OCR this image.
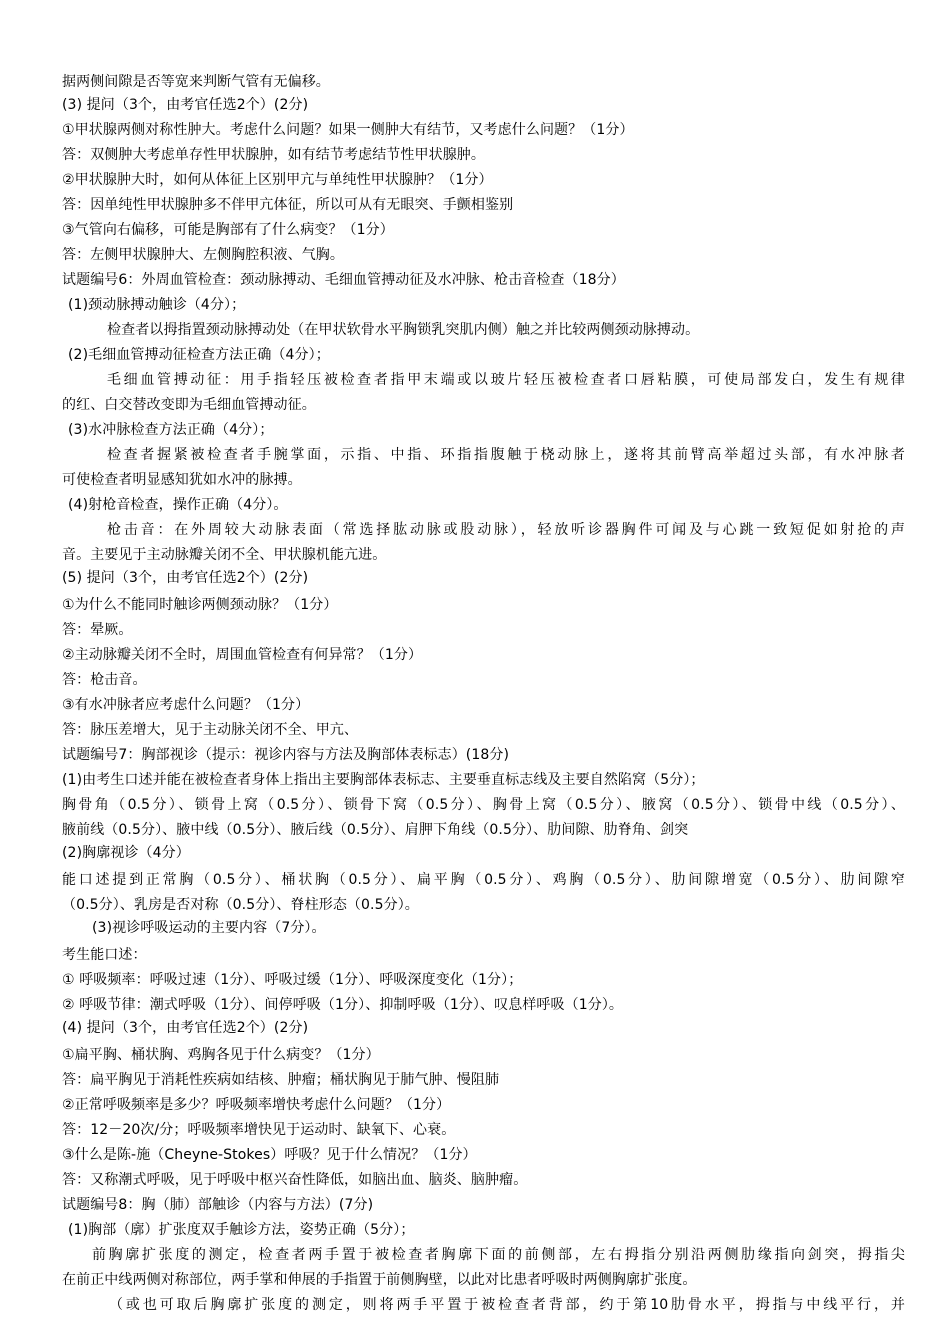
据两侧间隙是否等宽来判断气管有无偏移。
(3) 提问（3个，由考官任选2个）(2分)
①甲状腺两侧对称性肿大。考虑什么问题？如果一侧肿大有结节，又考虑什么问题？（1分）
答：双侧肿大考虑单存性甲状腺肿，如有结节考虑结节性甲状腺肿。
②甲状腺肿大时，如何从体征上区别甲亢与单纯性甲状腺肿？（1分）
答：因单纯性甲状腺肿多不伴甲亢体征，所以可从有无眼突、手颤相鉴别
③气管向右偏移，可能是胸部有了什么病变？（1分）
答：左侧甲状腺肿大、左侧胸腔积液、气胸。
试题编号6：外周血管检查：颈动脉搏动、毛细血管搏动征及水冲脉、枪击音检查（18分）
(1)颈动脉搏动触诊（4分）；
检查者以拇指置颈动脉搏动处（在甲状软骨水平胸锁乳突肌内侧）触之并比较两侧颈动脉搏动。
(2)毛细血管搏动征检查方法正确（4分）；
毛细血管搏动征：用手指轻压被检查者指甲末端或以玻片轻压被检查者口唇粘膜，可使局部发白，发生有规律
的红、白交替改变即为毛细血管搏动征。
(3)水冲脉检查方法正确（4分）；
检查者握紧被检查者手腕掌面，示指、中指、环指指腹触于桡动脉上，遂将其前臂高举超过头部，有水冲脉者
可使检查者明显感知犹如水冲的脉搏。
(4)射枪音检查，操作正确（4分）。
枪击音：在外周较大动脉表面（常选择肱动脉或股动脉），轻放听诊器胸件可闻及与心跳一致短促如射抢的声
音。主要见于主动脉瓣关闭不全、甲状腺机能亢进。
(5) 提问（3个，由考官任选2个）(2分)
①为什么不能同时触诊两侧颈动脉？（1分）
答：晕厥。
②主动脉瓣关闭不全时，周围血管检查有何异常？（1分）
答：枪击音。
③有水冲脉者应考虑什么问题？（1分）
答：脉压差增大，见于主动脉关闭不全、甲亢、
试题编号7：胸部视诊（提示：视诊内容与方法及胸部体表标志）(18分)
(1)由考生口述并能在被检查者身体上指出主要胸部体表标志、主要垂直标志线及主要自然陷窝（5分）；
胸骨角（0.5分）、锁骨上窝（0.5分）、锁骨下窝（0.5分）、胸骨上窝（0.5分）、腋窝（0.5分）、锁骨中线（0.5分）、
腋前线（0.5分）、腋中线（0.5分）、腋后线（0.5分）、肩胛下角线（0.5分）、肋间隙、肋脊角、剑突
(2)胸廓视诊（4分）
能口述提到正常胸（0.5分）、桶状胸（0.5分）、扁平胸（0.5分）、鸡胸（0.5分）、肋间隙增宽（0.5分）、肋间隙窄
（0.5分）、乳房是否对称（0.5分）、脊柱形态（0.5分）。
(3)视诊呼吸运动的主要内容（7分）。
考生能口述：
① 呼吸频率：呼吸过速（1分）、呼吸过缓（1分）、呼吸深度变化（1分）；
② 呼吸节律：潮式呼吸（1分）、间停呼吸（1分）、抑制呼吸（1分）、叹息样呼吸（1分）。
(4) 提问（3个，由考官任选2个）(2分)
①扁平胸、桶状胸、鸡胸各见于什么病变？（1分）
答：扁平胸见于消耗性疾病如结核、肿瘤；桶状胸见于肺气肿、慢阻肺
②正常呼吸频率是多少？呼吸频率增快考虑什么问题？（1分）
答：12－20次/分；呼吸频率增快见于运动时、缺氧下、心衰。
③什么是陈-施（Cheyne-Stokes）呼吸？见于什么情况？（1分）
答：又称潮式呼吸，见于呼吸中枢兴奋性降低，如脑出血、脑炎、脑肿瘤。
试题编号8：胸（肺）部触诊（内容与方法）(7分)
(1)胸部（廓）扩张度双手触诊方法，姿势正确（5分）；
前胸廓扩张度的测定，检查者两手置于被检查者胸廓下面的前侧部，左右拇指分别沿两侧肋缘指向剑突，拇指尖
在前正中线两侧对称部位，两手掌和伸展的手指置于前侧胸壁，以此对比患者呼吸时两侧胸廓扩张度。
（或也可取后胸廓扩张度的测定，则将两手平置于被检查者背部，约于第10肋骨水平，拇指与中线平行，并
